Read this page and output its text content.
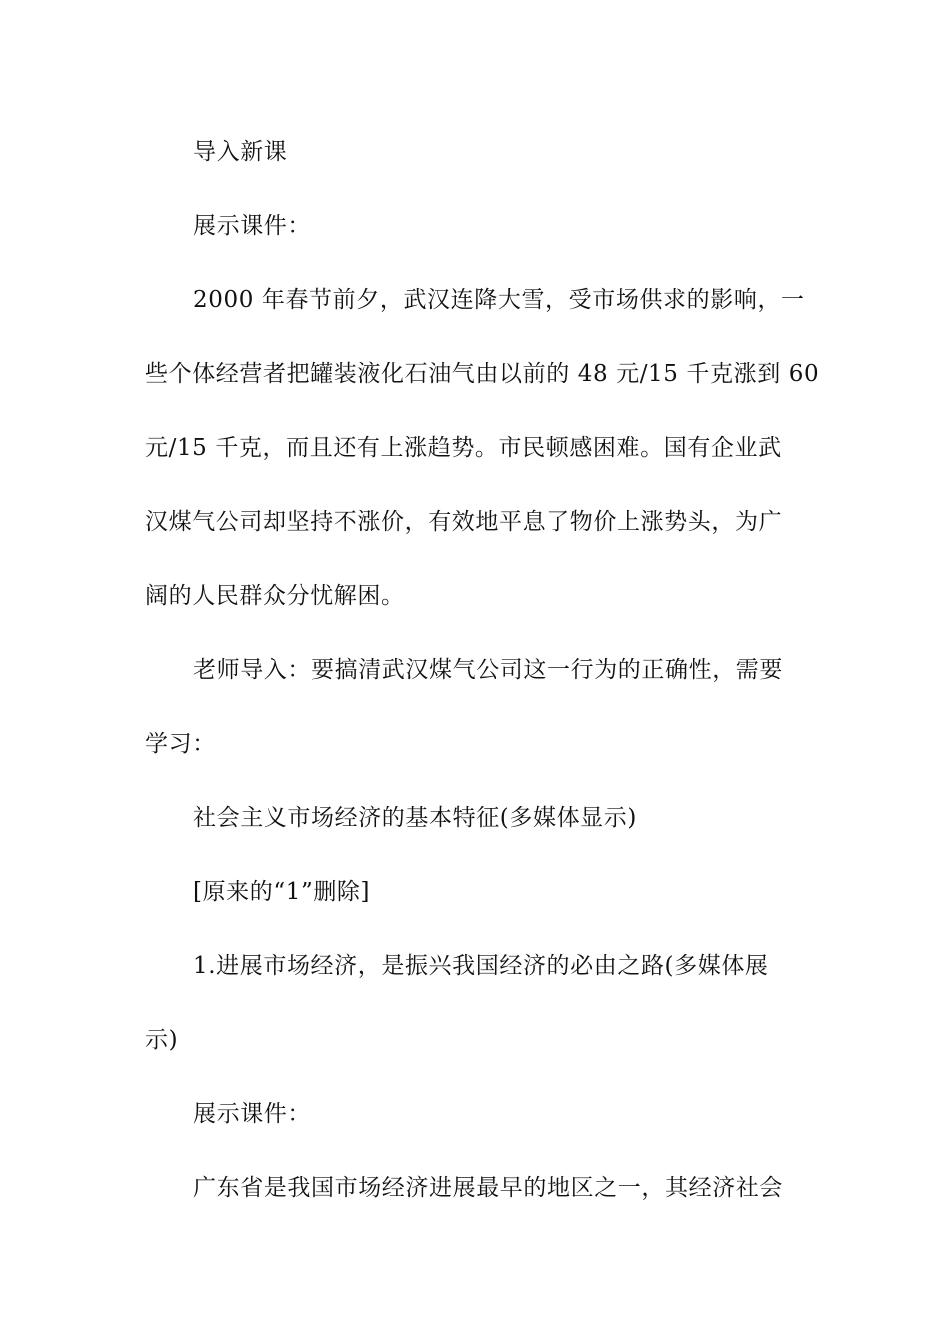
导入新课
展示课件：
2000 年春节前夕，武汉连降大雪，受市场供求的影响，一
些个体经营者把罐装液化石油气由以前的 48 元/15 千克涨到 60
元/15 千克，而且还有上涨趋势。市民顿感困难。国有企业武
汉煤气公司却坚持不涨价，有效地平息了物价上涨势头，为广
阔的人民群众分忧解困。
老师导入：要搞清武汉煤气公司这一行为的正确性，需要
学习：
社会主义市场经济的基本特征(多媒体显示)
[原来的“1”删除]
1.进展市场经济，是振兴我国经济的必由之路(多媒体展
示)
展示课件：
广东省是我国市场经济进展最早的地区之一，其经济社会
